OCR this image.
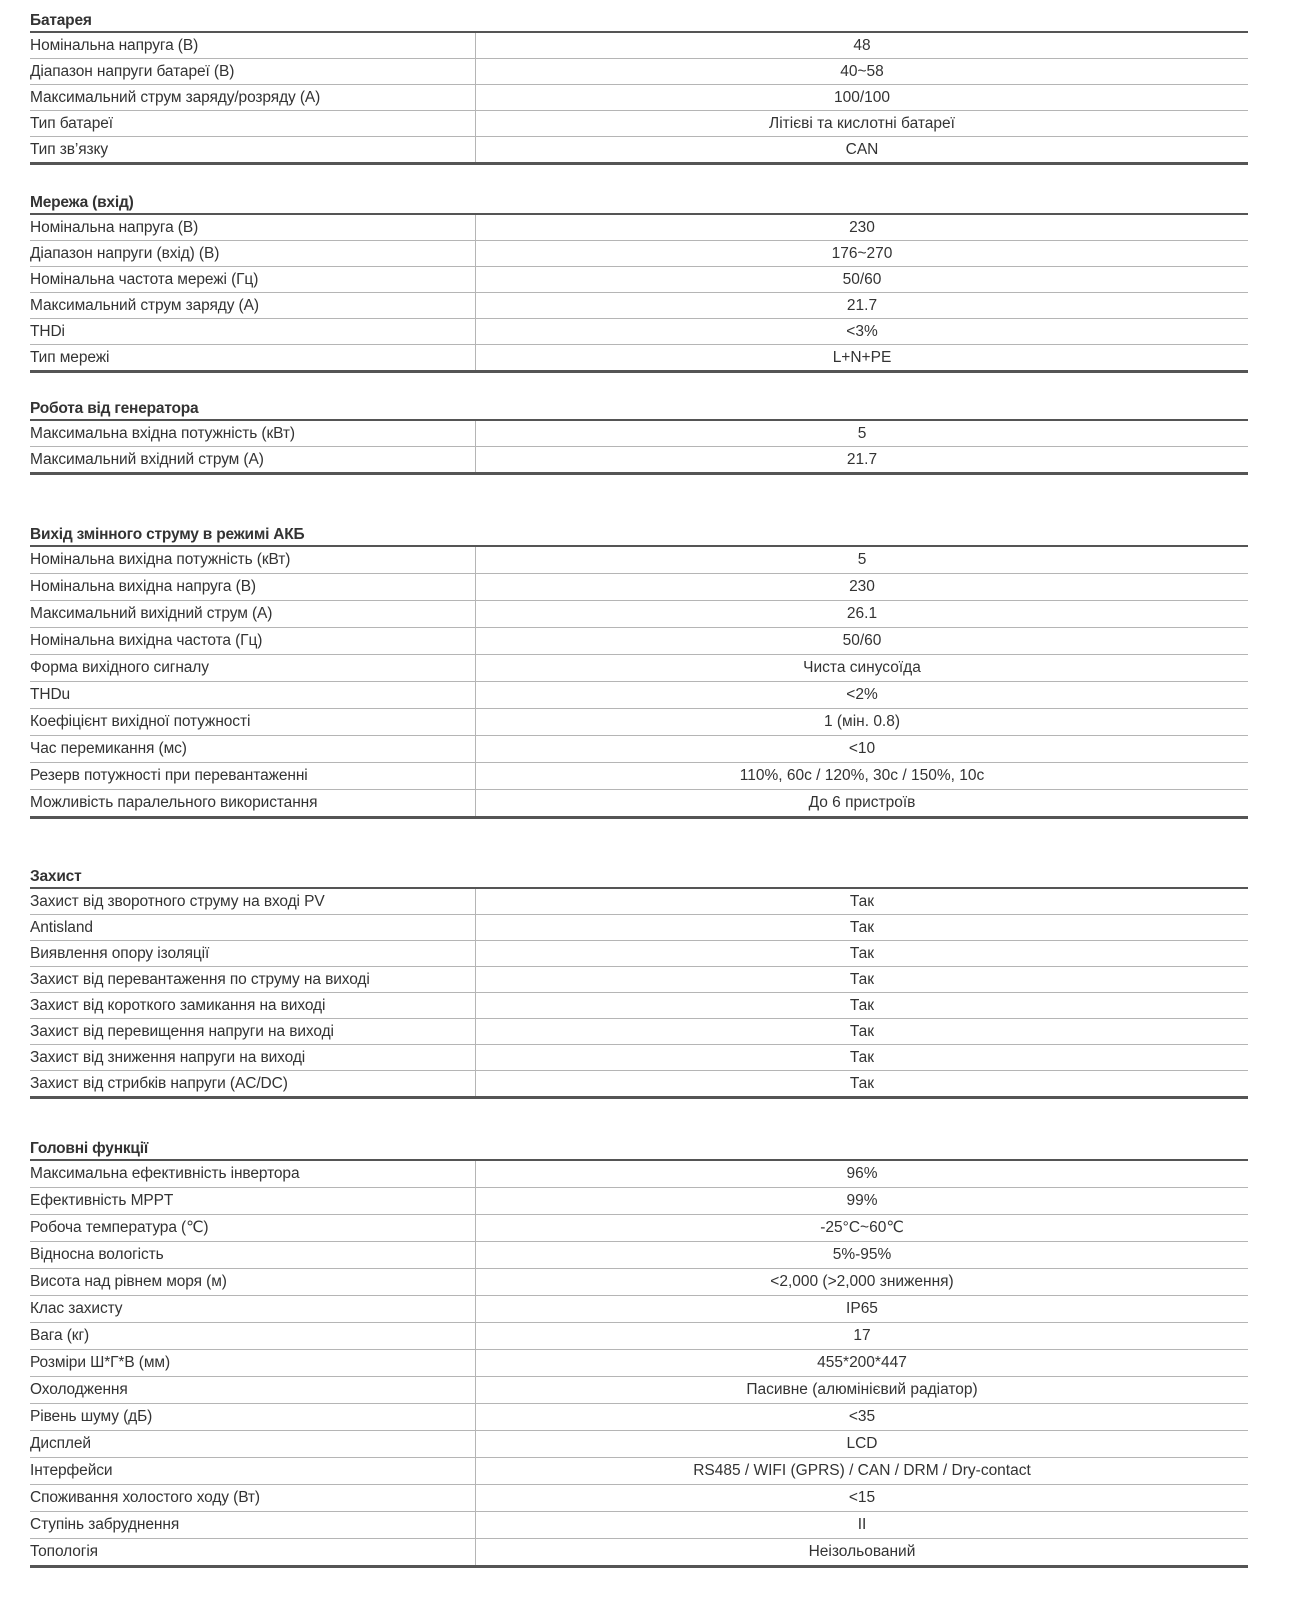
Батарея
Номінальна напруга (В)	48
Діапазон напруги батареї (В)	40~58
Максимальний струм заряду/розряду (А)	100/100
Тип батареї	Літієві та кислотні батареї
Тип зв’язку	CAN
Мережа (вхід)
Номінальна напруга (В)	230
Діапазон напруги (вхід) (В)	176~270
Номінальна частота мережі (Гц)	50/60
Максимальний струм заряду (А)	21.7
THDi	<3%
Тип мережі	L+N+PE
Робота від генератора
Максимальна вхідна потужність (кВт)	5
Максимальний вхідний струм (А)	21.7
Вихід змінного струму в режимі АКБ
Номінальна вихідна потужність (кВт)	5
Номінальна вихідна напруга (В)	230
Максимальний вихідний струм (А)	26.1
Номінальна вихідна частота (Гц)	50/60
Форма вихідного сигналу	Чиста синусоїда
THDu	<2%
Коефіцієнт вихідної потужності	1 (мін. 0.8)
Час перемикання (мс)	<10
Резерв потужності при перевантаженні	110%, 60с / 120%, 30с / 150%, 10с
Можливість паралельного використання	До 6 пристроїв
Захист
Захист від зворотного струму на вході PV	Так
Antisland	Так
Виявлення опору ізоляції	Так
Захист від перевантаження по струму на виході	Так
Захист від короткого замикання на виході	Так
Захист від перевищення напруги на виході	Так
Захист від зниження напруги на виході	Так
Захист від стрибків напруги (AC/DC)	Так
Головні функції
Максимальна ефективність інвертора	96%
Ефективність MPPT	99%
Робоча температура (℃)	-25°C~60℃
Відносна вологість	5%-95%
Висота над рівнем моря (м)	<2,000 (>2,000 зниження)
Клас захисту	IP65
Вага (кг)	17
Розміри Ш*Г*В (мм)	455*200*447
Охолодження	Пасивне (алюмінієвий радіатор)
Рівень шуму (дБ)	<35
Дисплей	LCD
Інтерфейси	RS485 / WIFI (GPRS) / CAN / DRM / Dry-contact
Споживання холостого ходу (Вт)	<15
Ступінь забруднення	II
Топологія	Неізольований
